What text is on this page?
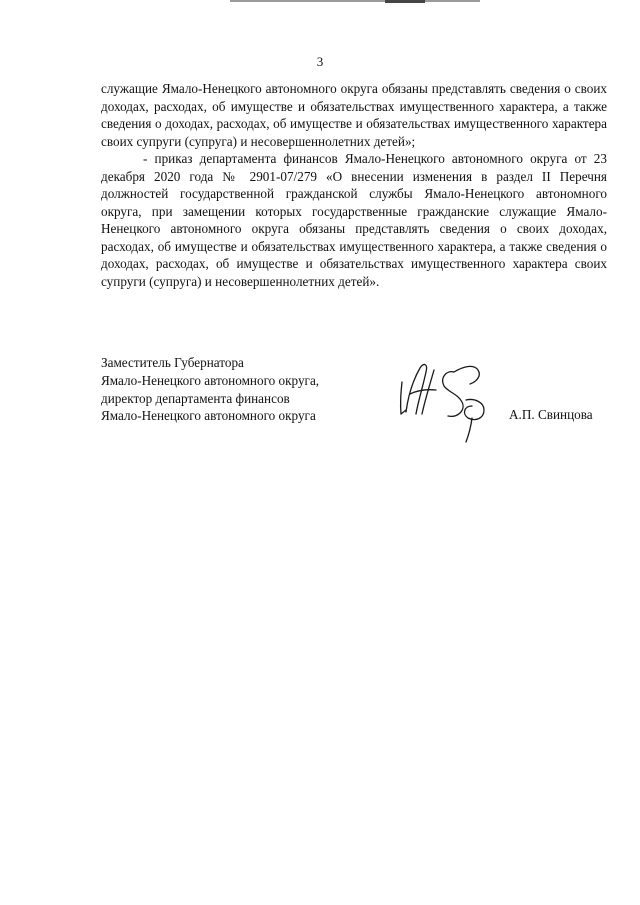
3

служащие Ямало-Ненецкого автономного округа обязаны представлять сведения о своих доходах, расходах, об имуществе и обязательствах имущественного характера, а также сведения о доходах, расходах, об имуществе и обязательствах имущественного характера своих супруги (супруга) и несовершеннолетних детей»;

- приказ департамента финансов Ямало-Ненецкого автономного округа от 23 декабря 2020 года № 2901-07/279 «О внесении изменения в раздел II Перечня должностей государственной гражданской службы Ямало-Ненецкого автономного округа, при замещении которых государственные гражданские служащие Ямало-Ненецкого автономного округа обязаны представлять сведения о своих доходах, расходах, об имуществе и обязательствах имущественного характера, а также сведения о доходах, расходах, об имуществе и обязательствах имущественного характера своих супруги (супруга) и несовершеннолетних детей».

Заместитель Губернатора
Ямало-Ненецкого автономного округа,
директор департамента финансов
Ямало-Ненецкого автономного округа	А.П. Свинцова
